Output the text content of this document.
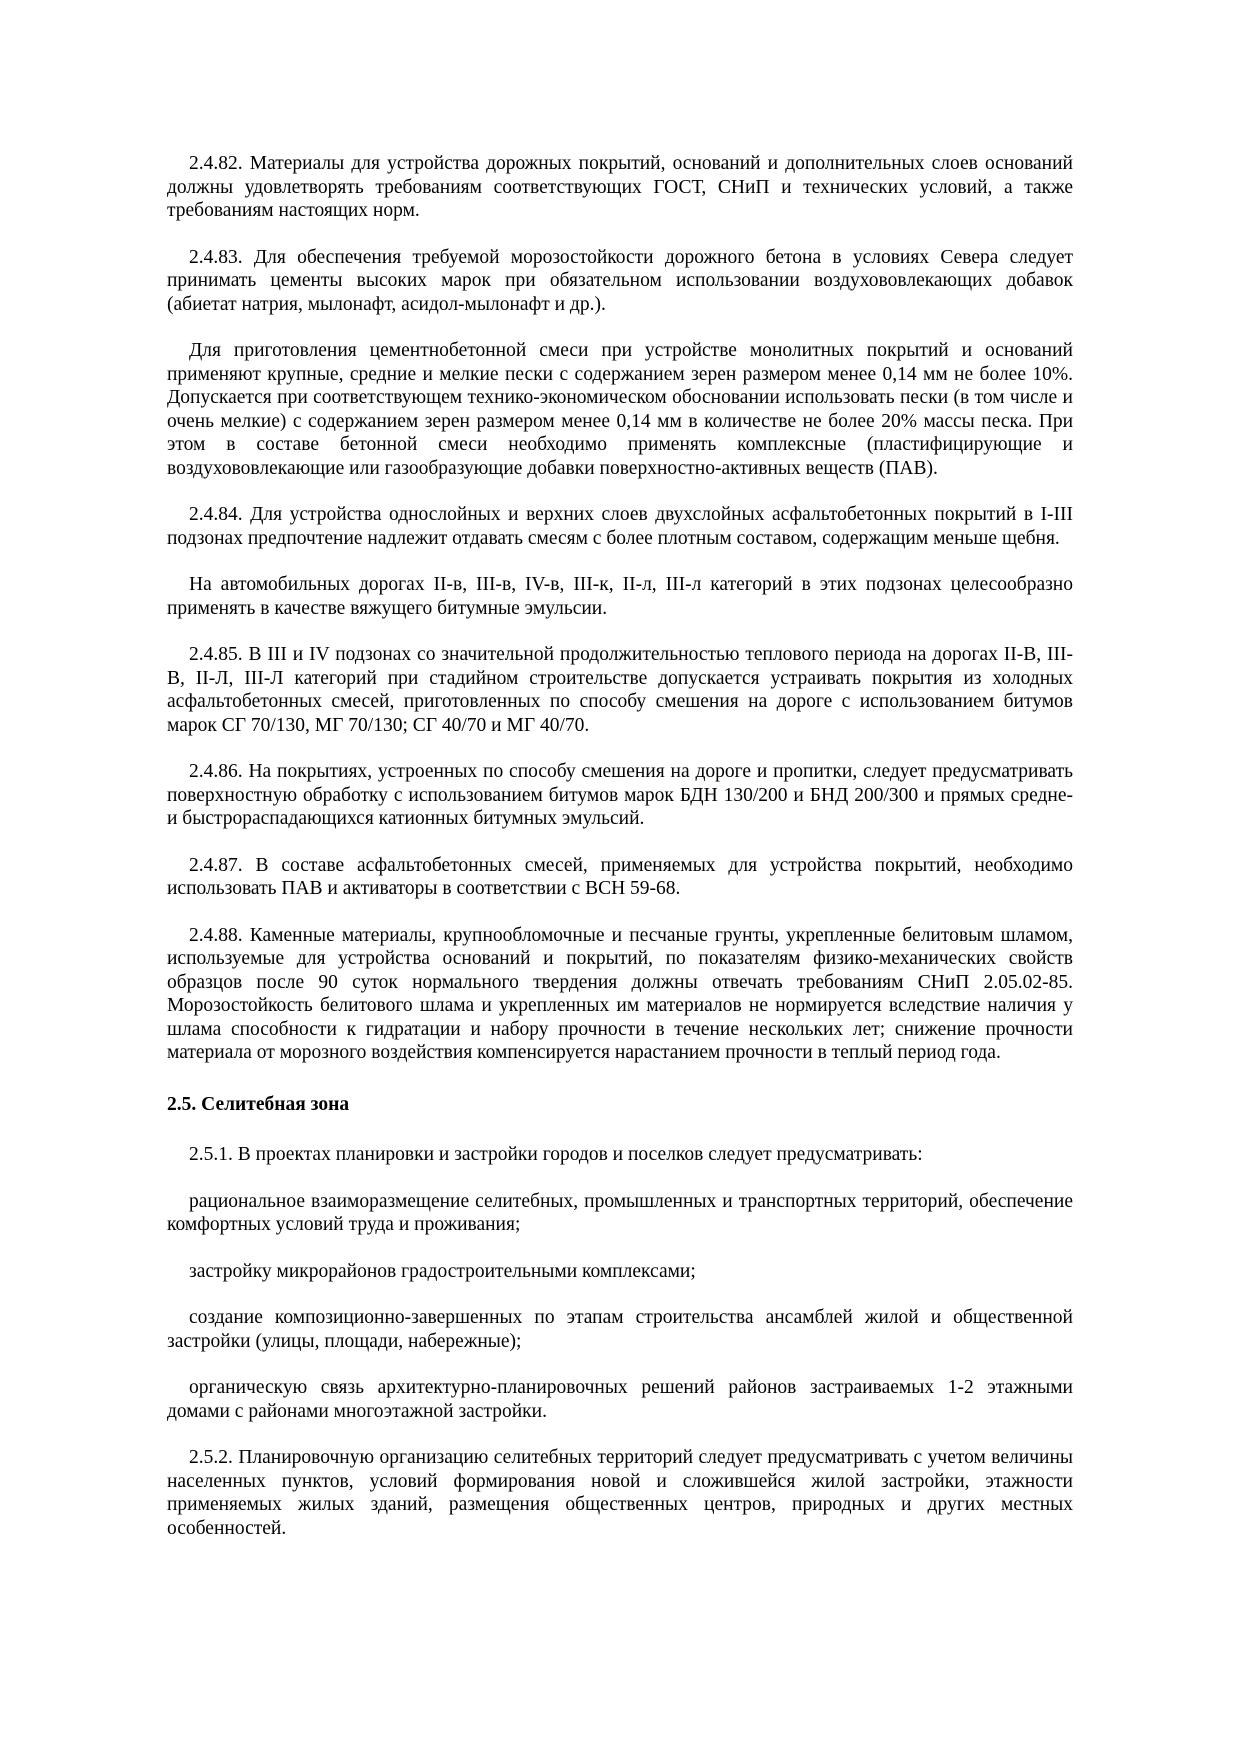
2.4.82. Материалы для устройства дорожных покрытий, оснований и дополнительных слоев оснований должны удовлетворять требованиям соответствующих ГОСТ, СНиП и технических условий, а также требованиям настоящих норм.

2.4.83. Для обеспечения требуемой морозостойкости дорожного бетона в условиях Севера следует принимать цементы высоких марок при обязательном использовании воздухововлекающих добавок (абиетат натрия, мылонафт, асидол-мылонафт и др.).

Для приготовления цементнобетонной смеси при устройстве монолитных покрытий и оснований применяют крупные, средние и мелкие пески с содержанием зерен размером менее 0,14 мм не более 10%. Допускается при соответствующем технико-экономическом обосновании использовать пески (в том числе и очень мелкие) с содержанием зерен размером менее 0,14 мм в количестве не более 20% массы песка. При этом в составе бетонной смеси необходимо применять комплексные (пластифицирующие и воздухововлекающие или газообразующие добавки поверхностно-активных веществ (ПАВ).

2.4.84. Для устройства однослойных и верхних слоев двухслойных асфальтобетонных покрытий в I-III подзонах предпочтение надлежит отдавать смесям с более плотным составом, содержащим меньше щебня.

На автомобильных дорогах II-в, III-в, IV-в, III-к, II-л, III-л категорий в этих подзонах целесообразно применять в качестве вяжущего битумные эмульсии.

2.4.85. В III и IV подзонах со значительной продолжительностью теплового периода на дорогах II-В, III-В, II-Л, III-Л категорий при стадийном строительстве допускается устраивать покрытия из холодных асфальтобетонных смесей, приготовленных по способу смешения на дороге с использованием битумов марок СГ 70/130, МГ 70/130; СГ 40/70 и МГ 40/70.

2.4.86. На покрытиях, устроенных по способу смешения на дороге и пропитки, следует предусматривать поверхностную обработку с использованием битумов марок БДН 130/200 и БНД 200/300 и прямых средне- и быстрораспадающихся катионных битумных эмульсий.

2.4.87. В составе асфальтобетонных смесей, применяемых для устройства покрытий, необходимо использовать ПАВ и активаторы в соответствии с ВСН 59-68.

2.4.88. Каменные материалы, крупнообломочные и песчаные грунты, укрепленные белитовым шламом, используемые для устройства оснований и покрытий, по показателям физико-механических свойств образцов после 90 суток нормального твердения должны отвечать требованиям СНиП 2.05.02-85. Морозостойкость белитового шлама и укрепленных им материалов не нормируется вследствие наличия у шлама способности к гидратации и набору прочности в течение нескольких лет; снижение прочности материала от морозного воздействия компенсируется нарастанием прочности в теплый период года.

2.5. Селитебная зона

2.5.1. В проектах планировки и застройки городов и поселков следует предусматривать:

рациональное взаиморазмещение селитебных, промышленных и транспортных территорий, обеспечение комфортных условий труда и проживания;

застройку микрорайонов градостроительными комплексами;

создание композиционно-завершенных по этапам строительства ансамблей жилой и общественной застройки (улицы, площади, набережные);

органическую связь архитектурно-планировочных решений районов застраиваемых 1-2 этажными домами с районами многоэтажной застройки.

2.5.2. Планировочную организацию селитебных территорий следует предусматривать с учетом величины населенных пунктов, условий формирования новой и сложившейся жилой застройки, этажности применяемых жилых зданий, размещения общественных центров, природных и других местных особенностей.
